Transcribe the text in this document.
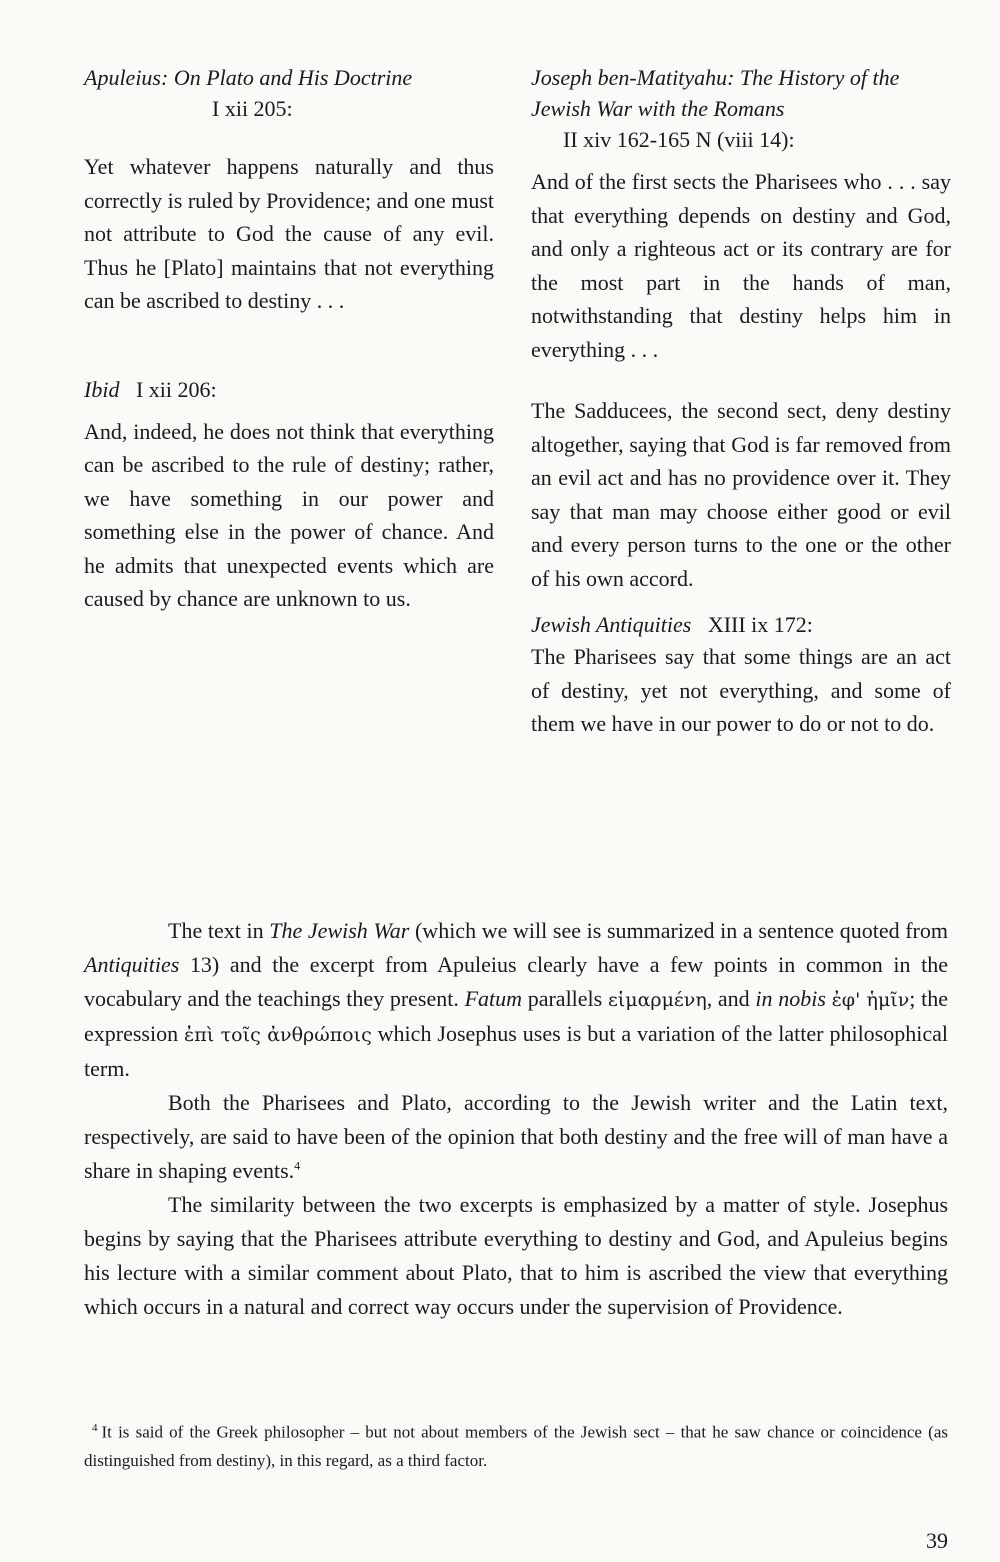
Apuleius: On Plato and His Doctrine
I xii 205:

Yet whatever happens naturally and thus correctly is ruled by Providence; and one must not attribute to God the cause of any evil. Thus he [Plato] maintains that not everything can be ascribed to destiny . . .

Ibid I xii 206:

And, indeed, he does not think that everything can be ascribed to the rule of destiny; rather, we have something in our power and something else in the power of chance. And he admits that unexpected events which are caused by chance are unknown to us.

Joseph ben-Matityahu: The History of the Jewish War with the Romans
II xiv 162-165 N (viii 14):

And of the first sects the Pharisees who . . . say that everything depends on destiny and God, and only a righteous act or its contrary are for the most part in the hands of man, notwithstanding that destiny helps him in everything . . .

The Sadducees, the second sect, deny destiny altogether, saying that God is far removed from an evil act and has no providence over it. They say that man may choose either good or evil and every person turns to the one or the other of his own accord.

Jewish Antiquities XIII ix 172:

The Pharisees say that some things are an act of destiny, yet not everything, and some of them we have in our power to do or not to do.

The text in The Jewish War (which we will see is summarized in a sentence quoted from Antiquities 13) and the excerpt from Apuleius clearly have a few points in common in the vocabulary and the teachings they present. Fatum parallels εἱμαρμένη, and in nobis ἐφ' ἡμῖν; the expression ἐπὶ τοῖς ἀνθρώποις which Josephus uses is but a variation of the latter philosophical term.

Both the Pharisees and Plato, according to the Jewish writer and the Latin text, respectively, are said to have been of the opinion that both destiny and the free will of man have a share in shaping events.$^4$

The similarity between the two excerpts is emphasized by a matter of style. Josephus begins by saying that the Pharisees attribute everything to destiny and God, and Apuleius begins his lecture with a similar comment about Plato, that to him is ascribed the view that everything which occurs in a natural and correct way occurs under the supervision of Providence.

$^4$ It is said of the Greek philosopher – but not about members of the Jewish sect – that he saw chance or coincidence (as distinguished from destiny), in this regard, as a third factor.
39
